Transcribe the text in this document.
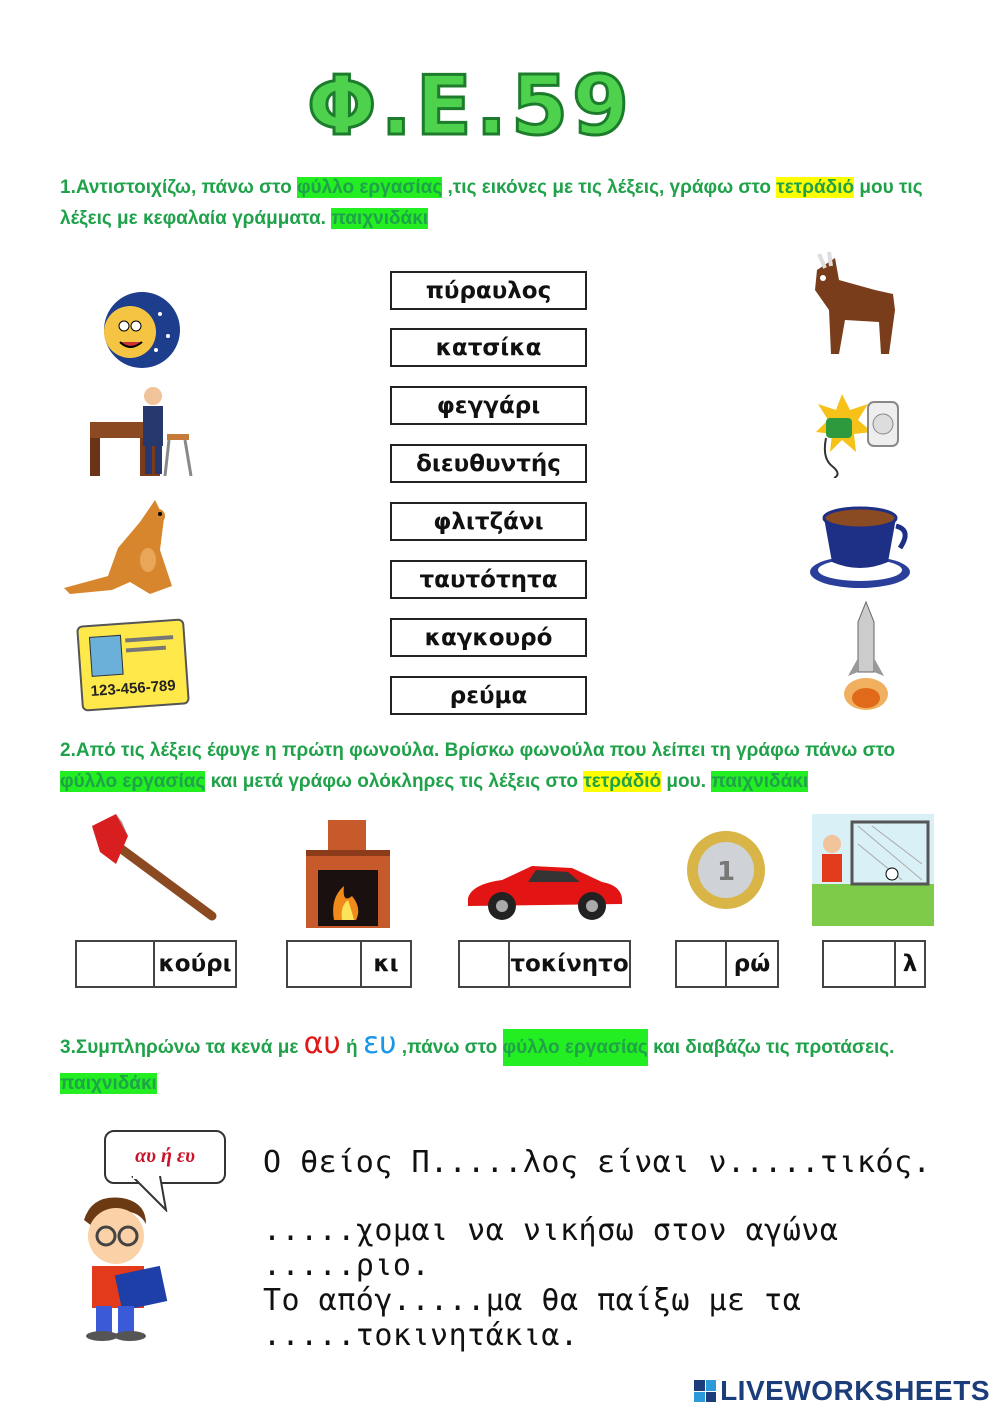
Φ.Ε.59
1.Αντιστοιχίζω, πάνω στο φύλλο εργασίας ,τις εικόνες με τις λέξεις, γράφω στο τετράδιό μου τις λέξεις με κεφαλαία γράμματα. παιχνιδάκι
123-456-789
πύραυλος
κατσίκα
φεγγάρι
διευθυντής
φλιτζάνι
ταυτότητα
καγκουρό
ρεύμα
2.Από τις λέξεις έφυγε η πρώτη φωνούλα. Βρίσκω φωνούλα που λείπει τη γράφω πάνω στο φύλλο εργασίας και μετά γράφω ολόκληρες τις λέξεις στο τετράδιό μου. παιχνιδάκι
1
κούρι	κι	τοκίνητο	ρώ	λ
3.Συμπληρώνω τα κενά με αυ ή ευ ,πάνω στο φύλλο εργασίας και διαβάζω τις προτάσεις. παιχνιδάκι
αυ ή ευ	Ο θείος Π.....λος είναι ν.....τικός.
.....χομαι να νικήσω στον αγώνα .....ριο.
Το απόγ.....μα θα παίξω με τα .....τοκινητάκια.
LIVEWORKSHEETS
